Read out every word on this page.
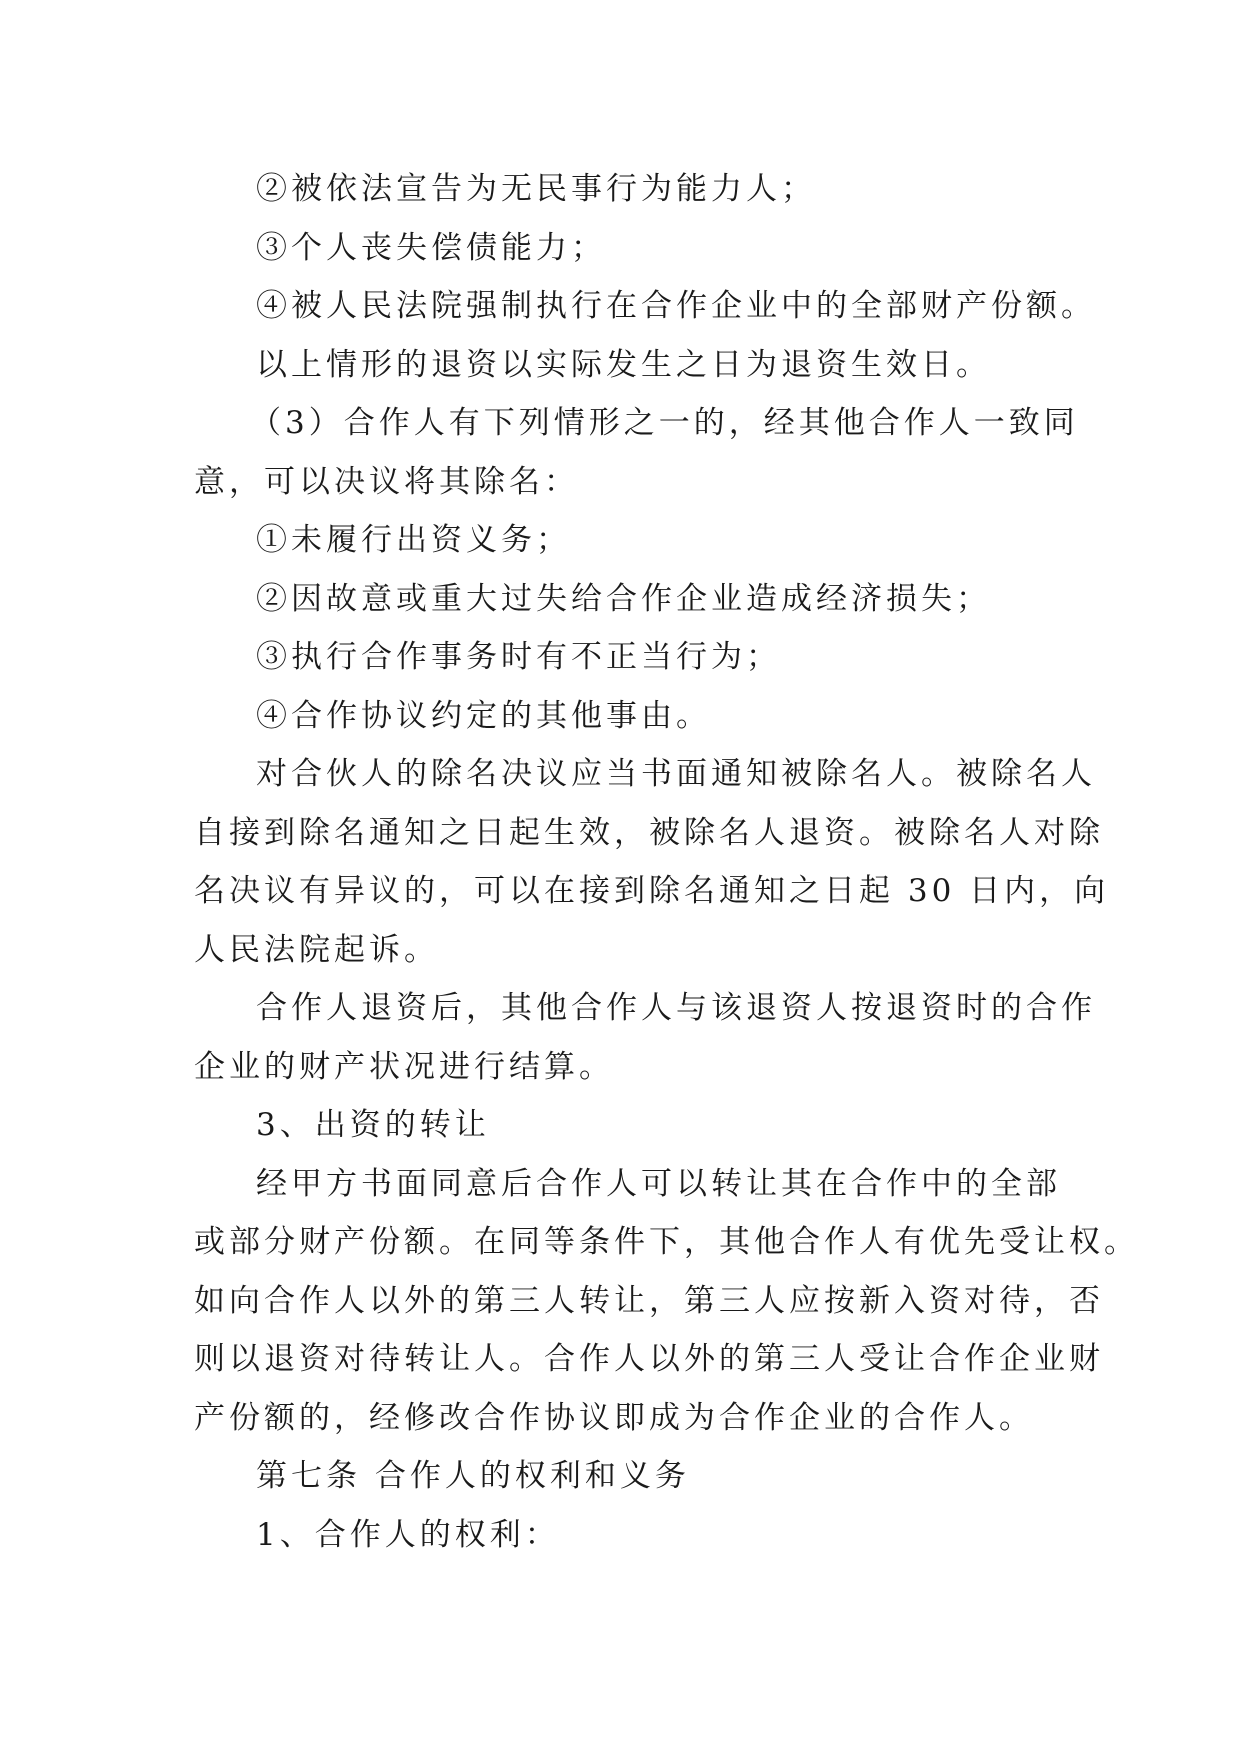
②被依法宣告为无民事行为能力人；
③个人丧失偿债能力；
④被人民法院强制执行在合作企业中的全部财产份额。
以上情形的退资以实际发生之日为退资生效日。
（3）合作人有下列情形之一的，经其他合作人一致同
意，可以决议将其除名：
①未履行出资义务；
②因故意或重大过失给合作企业造成经济损失；
③执行合作事务时有不正当行为；
④合作协议约定的其他事由。
对合伙人的除名决议应当书面通知被除名人。被除名人
自接到除名通知之日起生效，被除名人退资。被除名人对除
名决议有异议的，可以在接到除名通知之日起 30 日内，向
人民法院起诉。
合作人退资后，其他合作人与该退资人按退资时的合作
企业的财产状况进行结算。
3、出资的转让
经甲方书面同意后合作人可以转让其在合作中的全部
或部分财产份额。在同等条件下，其他合作人有优先受让权。
如向合作人以外的第三人转让，第三人应按新入资对待，否
则以退资对待转让人。合作人以外的第三人受让合作企业财
产份额的，经修改合作协议即成为合作企业的合作人。
第七条 合作人的权利和义务
1、合作人的权利：
